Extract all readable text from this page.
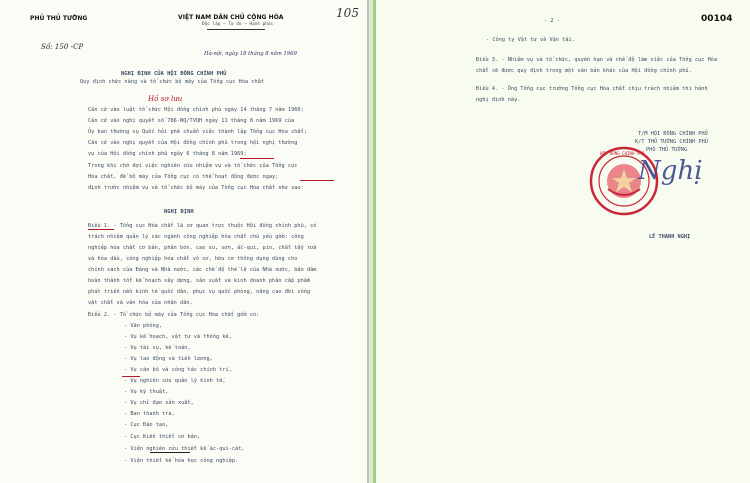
PHỦ THỦ TƯỚNG	VIỆT NAM DÂN CHỦ CỘNG HÒA
Độc lập — Tự do — Hạnh phúc
105
Số: 150 -CP
Hà-nội, ngày 18 tháng 8 năm 1969
NGHỊ ĐỊNH CỦA HỘI ĐỒNG CHÍNH PHỦ
Quy định chức năng và tổ chức bộ máy của Tổng cục Hóa chất
Hồ sơ lưu
Căn cứ vào luật tổ chức Hội đồng chính phủ ngày 14 tháng 7 năm 1960;
Căn cứ vào nghị quyết số 786-NQ/TVQH ngày 11 tháng 8 năm 1969 của
Ủy ban thường vụ Quốc hội phê chuẩn việc thành lập Tổng cục Hóa chất;
Căn cứ vào nghị quyết của Hội đồng chính phủ trong hội nghị thường
vụ của Hội đồng chính phủ ngày 6 tháng 8 năm 1969;
Trong khi chờ đợi việc nghiên cứu nhiệm vụ và tổ chức của Tổng cục
Hóa chất, để bộ máy của Tổng cục có thể hoạt động được ngay;
định trước nhiệm vụ và tổ chức bộ máy của Tổng cục Hóa chất như sau:
NGHỊ ĐỊNH
Điều 1. - Tổng cục Hóa chất là cơ quan trực thuộc Hội đồng chính phủ, có
trách nhiệm quản lý các ngành công nghiệp hóa chất chủ yếu gồm: công
nghiệp hóa chất cơ bản, phân bón, cao su, sơn, ắc-qui, pin, chất tẩy rửa
và hóa dầu, công nghiệp hóa chất vô cơ, hữu cơ thông dụng dùng cho
chính sách của Đảng và Nhà nước, các chế độ thể lệ của Nhà nước, bảo đảm
hoàn thành tốt kế hoạch xây dựng, sản xuất và kinh doanh phân cấp phẩm
phát triển nền kinh tế quốc dân, phục vụ quốc phòng, nâng cao đời sống
vật chất và văn hóa của nhân dân.
Điều 2. - Tổ chức bộ máy của Tổng cục Hóa chất gồm có:
- Văn phòng,
- Vụ kế hoạch, vật tư và thống kê,
- Vụ tài vụ, kế toán,
- Vụ lao động và tiền lương,
- Vụ cán bộ và công tác chính trị,
- Vụ nghiên cứu quản lý kinh tế,
- Vụ kỹ thuật,
- Vụ chỉ đạo sản xuất,
- Ban thanh tra,
- Cục Đào tạo,
- Cục Kiến thiết cơ bản,
- Viện nghiên cứu thiết kế ác-qui-cát,
- Viện thiết kế hóa học công nghiệp.
- 2 -	00104
- Công ty Vật tư và Vận tải.
Điều 3. - Nhiệm vụ và tổ chức, quyền hạn và chế độ làm việc của Tổng cục Hóa
chất sẽ được quy định trong một văn bản khác của Hội đồng chính phủ.
Điều 4. - Ông Tổng cục trưởng Tổng cục Hóa chất chịu trách nhiệm thi hành
nghị định này.
T/M HỘI ĐỒNG CHÍNH PHỦ
K/T THỦ TƯỚNG CHÍNH PHỦ
PHÓ THỦ TƯỚNG
HỘI ĐỒNG CHÍNH PHỦ
Nghị
LÊ THANH NGHỊ
